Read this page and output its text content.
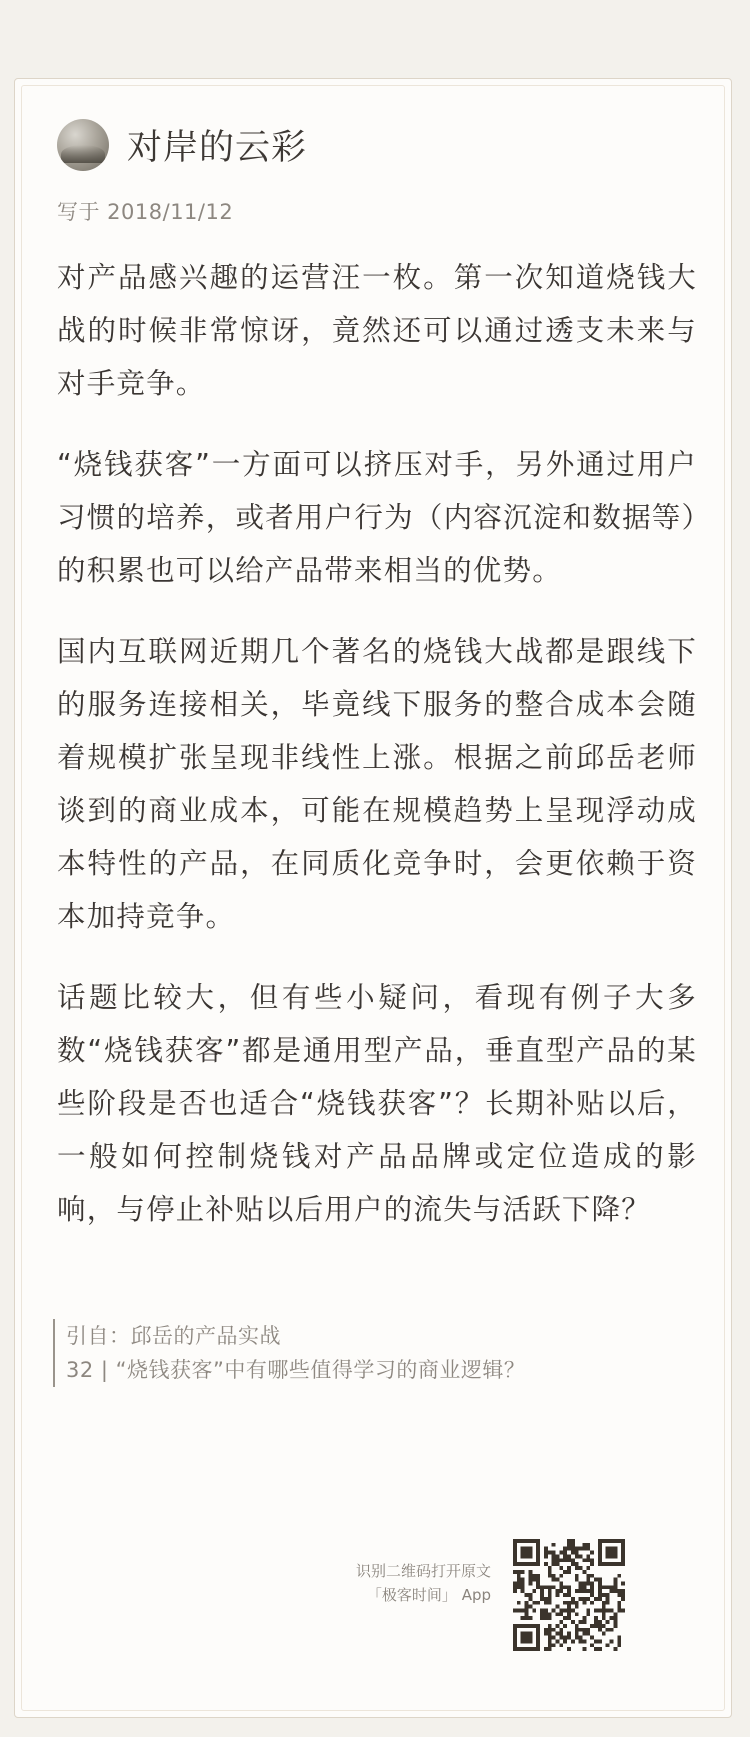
对岸的云彩
写于 2018/11/12

对产品感兴趣的运营汪一枚。第一次知道烧钱大战的时候非常惊讶，竟然还可以通过透支未来与对手竞争。

“烧钱获客”一方面可以挤压对手，另外通过用户习惯的培养，或者用户行为（内容沉淀和数据等）的积累也可以给产品带来相当的优势。

国内互联网近期几个著名的烧钱大战都是跟线下的服务连接相关，毕竟线下服务的整合成本会随着规模扩张呈现非线性上涨。根据之前邱岳老师谈到的商业成本，可能在规模趋势上呈现浮动成本特性的产品，在同质化竞争时，会更依赖于资本加持竞争。

话题比较大，但有些小疑问，看现有例子大多数“烧钱获客”都是通用型产品，垂直型产品的某些阶段是否也适合“烧钱获客”？长期补贴以后，一般如何控制烧钱对产品品牌或定位造成的影响，与停止补贴以后用户的流失与活跃下降？

引自：邱岳的产品实战
32 | “烧钱获客”中有哪些值得学习的商业逻辑？
识别二维码打开原文
「极客时间」 App
